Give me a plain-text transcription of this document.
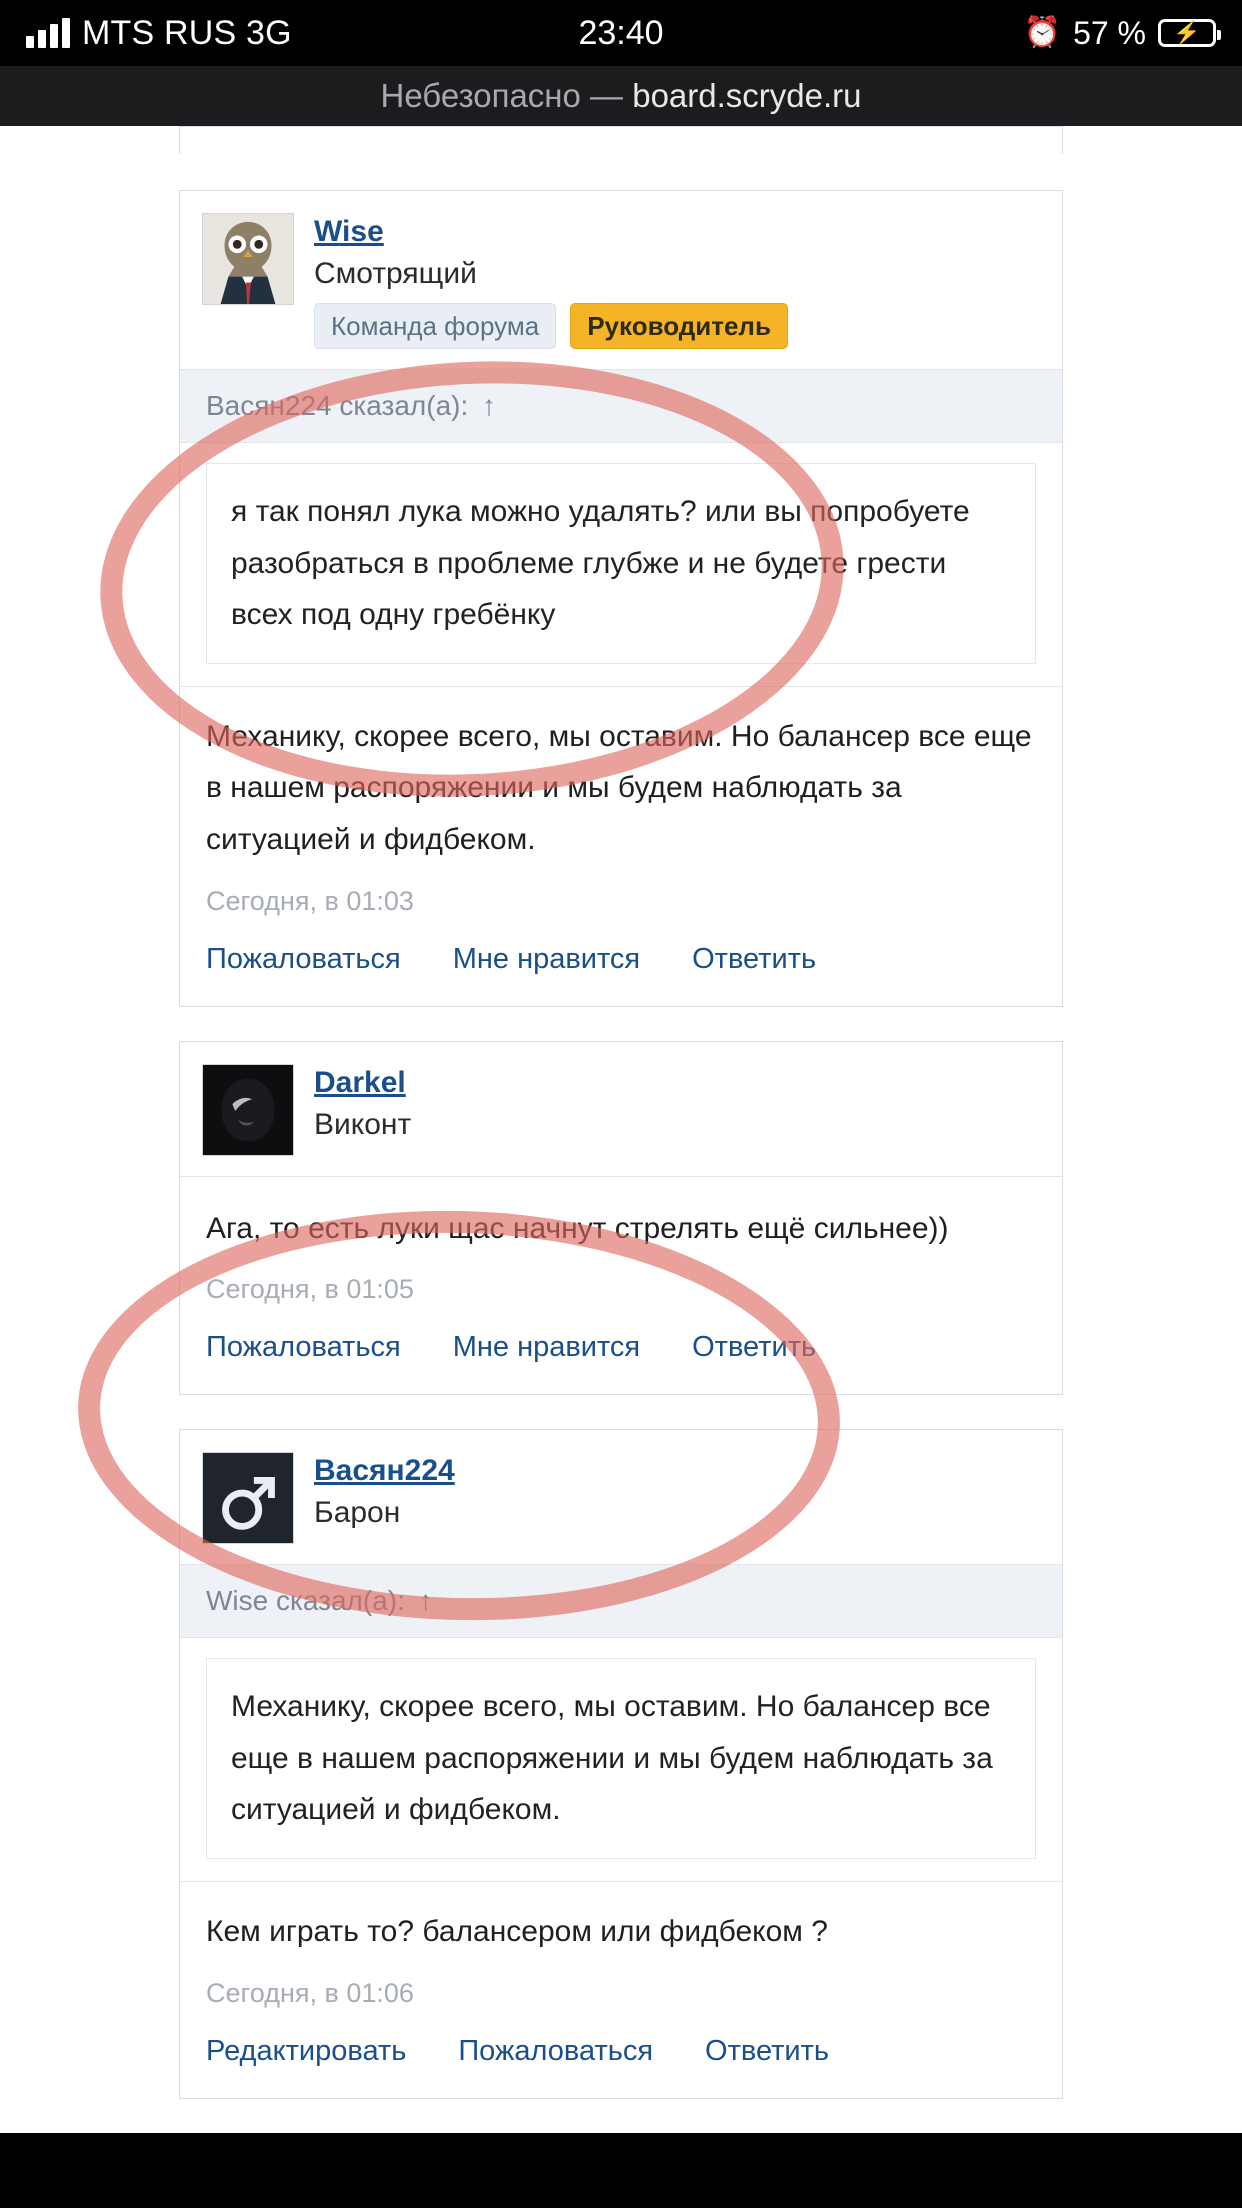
MTS RUS 3G	23:40	⏰ 57 % ⚡
Небезопасно —
board.scryde.ru
Wise
Смотрящий
Команда форума	Руководитель
Васян224 сказал(а): ↑
я так понял лука можно удалять? или вы попробуете разобраться в проблеме глубже и не будете грести всех под одну гребёнку
Механику, скорее всего, мы оставим. Но балансер все еще в нашем распоряжении и мы будем наблюдать за ситуацией и фидбеком.
Сегодня, в 01:03
Пожаловаться Мне нравится Ответить
Darkel
Виконт
Ага, то есть луки щас начнут стрелять ещё сильнее))
Сегодня, в 01:05
Пожаловаться Мне нравится Ответить
Васян224
Барон
Wise сказал(а): ↑
Механику, скорее всего, мы оставим. Но балансер все еще в нашем распоряжении и мы будем наблюдать за ситуацией и фидбеком.
Кем играть то? балансером или фидбеком ?
Сегодня, в 01:06
Редактировать Пожаловаться Ответить
